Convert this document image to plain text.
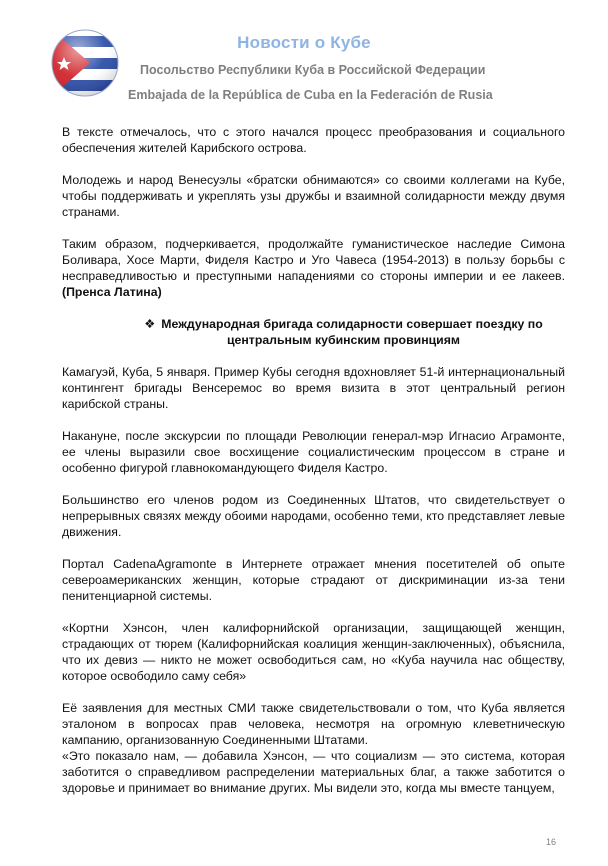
Новости о Кубе
Посольство Республики Куба в Российской Федерации
Embajada de la República de Cuba en la Federación de Rusia

В тексте отмечалось, что с этого начался процесс преобразования и социального обеспечения жителей Карибского острова.

Молодежь и народ Венесуэлы «братски обнимаются» со своими коллегами на Кубе, чтобы поддерживать и укреплять узы дружбы и взаимной солидарности между двумя странами.

Таким образом, подчеркивается, продолжайте гуманистическое наследие Симона Боливара, Хосе Марти, Фиделя Кастро и Уго Чавеса (1954-2013) в пользу борьбы с несправедливостью и преступными нападениями со стороны империи и ее лакеев. (Пренса Латина)

❖ Международная бригада солидарности совершает поездку по центральным кубинским провинциям

Камагуэй, Куба, 5 января. Пример Кубы сегодня вдохновляет 51-й интернациональный контингент бригады Венсеремос во время визита в этот центральный регион карибской страны.

Накануне, после экскурсии по площади Революции генерал-мэр Игнасио Аграмонте, ее члены выразили свое восхищение социалистическим процессом в стране и особенно фигурой главнокомандующего Фиделя Кастро.

Большинство его членов родом из Соединенных Штатов, что свидетельствует о непрерывных связях между обоими народами, особенно теми, кто представляет левые движения.

Портал CadenaAgramonte в Интернете отражает мнения посетителей об опыте североамериканских женщин, которые страдают от дискриминации из-за тени пенитенциарной системы.

«Кортни Хэнсон, член калифорнийской организации, защищающей женщин, страдающих от тюрем (Калифорнийская коалиция женщин-заключенных), объяснила, что их девиз — никто не может освободиться сам, но «Куба научила нас обществу, которое освободило саму себя»

Её заявления для местных СМИ также свидетельствовали о том, что Куба является эталоном в вопросах прав человека, несмотря на огромную клеветническую кампанию, организованную Соединенными Штатами.

«Это показало нам, — добавила Хэнсон, — что социализм — это система, которая заботится о справедливом распределении материальных благ, а также заботится о здоровье и принимает во внимание других. Мы видели это, когда мы вместе танцуем,

16
